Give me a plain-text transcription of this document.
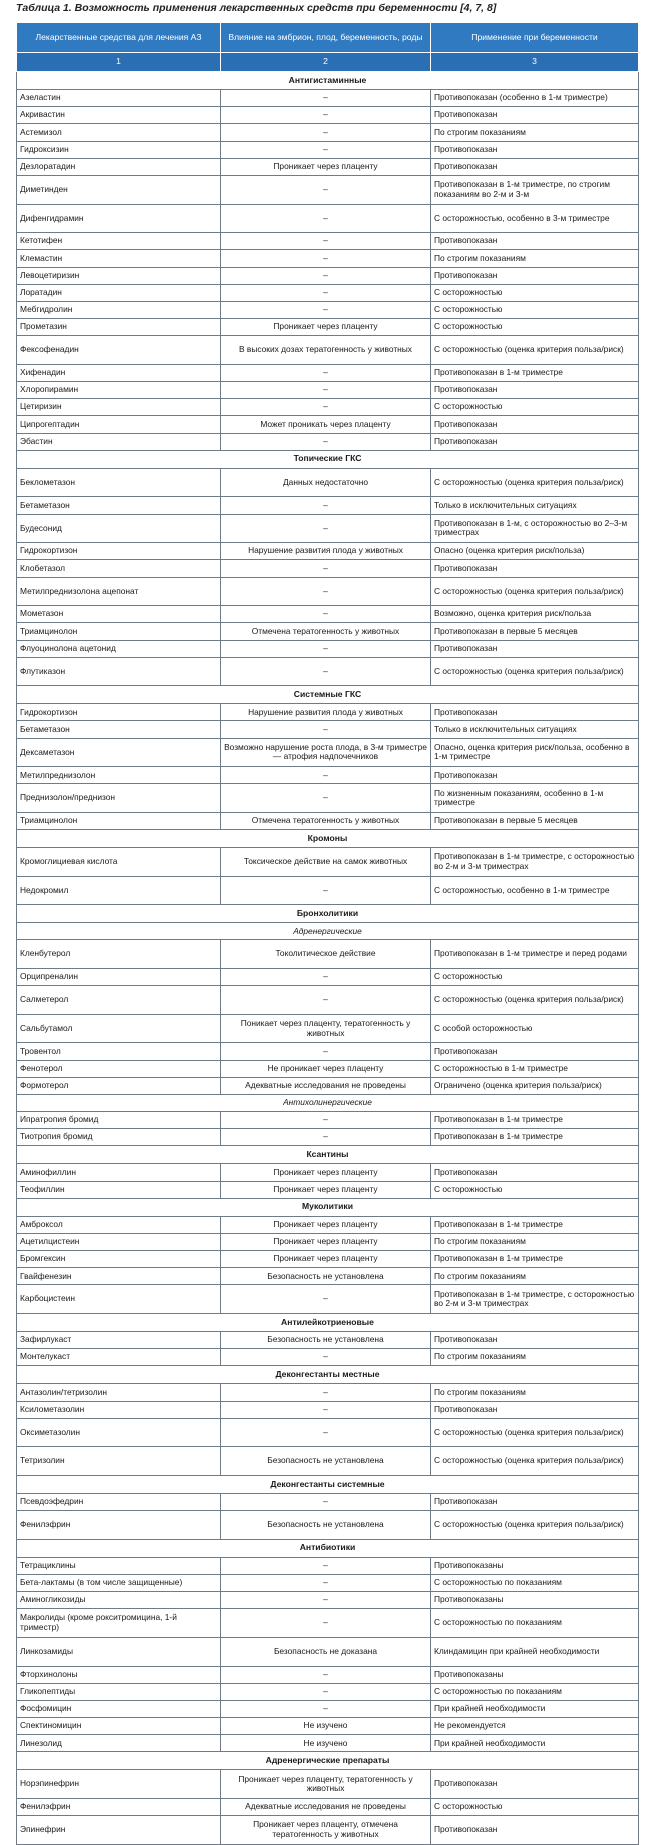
Таблица 1. Возможность применения лекарственных средств при беременности [4, 7, 8]
Лекарственные средства для лечения АЗ	Влияние на эмбрион, плод, беременность, роды	Применение при беременности
1	2	3
Антигистаминные		
Азеластин	–	Противопоказан (особенно в 1-м триместре)
Акривастин	–	Противопоказан
Астемизол	–	По строгим показаниям
Гидроксизин	–	Противопоказан
Дезлоратадин	Проникает через плаценту	Противопоказан
Диметинден	–	Противопоказан в 1-м триместре, по строгим показаниям во 2-м и 3-м
Дифенгидрамин	–	С осторожностью, особенно в 3-м триместре
Кетотифен	–	Противопоказан
Клемастин	–	По строгим показаниям
Левоцетиризин	–	Противопоказан
Лоратадин	–	С осторожностью
Мебгидролин	–	С осторожностью
Прометазин	Проникает через плаценту	С осторожностью
Фексофенадин	В высоких дозах тератогенность у животных	С осторожностью (оценка критерия польза/риск)
Хифенадин	–	Противопоказан в 1-м триместре
Хлоропирамин	–	Противопоказан
Цетиризин	–	С осторожностью
Ципрогептадин	Может проникать через плаценту	Противопоказан
Эбастин	–	Противопоказан
Топические ГКС		
Беклометазон	Данных недостаточно	С осторожностью (оценка критерия польза/риск)
Бетаметазон	–	Только в исключительных ситуациях
Будесонид	–	Противопоказан в 1-м, с осторожностью во 2–3-м триместрах
Гидрокортизон	Нарушение развития плода у животных	Опасно (оценка критерия риск/польза)
Клобетазол	–	Противопоказан
Метилпреднизолона ацепонат	–	С осторожностью (оценка критерия польза/риск)
Мометазон	–	Возможно, оценка критерия риск/польза
Триамцинолон	Отмечена тератогенность у животных	Противопоказан в первые 5 месяцев
Флуоцинолона ацетонид	–	Противопоказан
Флутиказон	–	С осторожностью (оценка критерия польза/риск)
Системные ГКС		
Гидрокортизон	Нарушение развития плода у животных	Противопоказан
Бетаметазон	–	Только в исключительных ситуациях
Дексаметазон	Возможно нарушение роста плода, в 3-м триместре — атрофия надпочечников	Опасно, оценка критерия риск/польза, особенно в 1-м триместре
Метилпреднизолон	–	Противопоказан
Преднизолон/преднизон	–	По жизненным показаниям, особенно в 1-м триместре
Триамцинолон	Отмечена тератогенность у животных	Противопоказан в первые 5 месяцев
Кромоны		
Кромоглициевая кислота	Токсическое действие на самок животных	Противопоказан в 1-м триместре, с осторожностью во 2-м и 3-м триместрах
Недокромил	–	С осторожностью, особенно в 1-м триместре
Бронхолитики		
Адренергические		
Кленбутерол	Токолитическое действие	Противопоказан в 1-м триместре и перед родами
Орципреналин	–	С осторожностью
Салметерол	–	С осторожностью (оценка критерия польза/риск)
Сальбутамол	Поникает через плаценту, тератогенность у животных	С особой осторожностью
Тровентол	–	Противопоказан
Фенотерол	Не проникает через плаценту	С осторожностью в 1-м триместре
Формотерол	Адекватные исследования не проведены	Ограничено (оценка критерия польза/риск)
Антихолинергические		
Ипратропия бромид	–	Противопоказан в 1-м триместре
Тиотропия бромид	–	Противопоказан в 1-м триместре
Ксантины		
Аминофиллин	Проникает через плаценту	Противопоказан
Теофиллин	Проникает через плаценту	С осторожностью
Муколитики		
Амброксол	Проникает через плаценту	Противопоказан в 1-м триместре
Ацетилцистеин	Проникает через плаценту	По строгим показаниям
Бромгексин	Проникает через плаценту	Противопоказан в 1-м триместре
Гвайфенезин	Безопасность не установлена	По строгим показаниям
Карбоцистеин	–	Противопоказан в 1-м триместре, с осторожностью во 2-м и 3-м триместрах
Антилейкотриеновые		
Зафирлукаст	Безопасность не установлена	Противопоказан
Монтелукаст	–	По строгим показаниям
Деконгестанты местные		
Антазолин/тетризолин	–	По строгим показаниям
Ксилометазолин	–	Противопоказан
Оксиметазолин	–	С осторожностью (оценка критерия польза/риск)
Тетризолин	Безопасность не установлена	С осторожностью (оценка критерия польза/риск)
Деконгестанты системные		
Псевдоэфедрин	–	Противопоказан
Фенилэфрин	Безопасность не установлена	С осторожностью (оценка критерия польза/риск)
Антибиотики		
Тетрациклины	–	Противопоказаны
Бета-лактамы (в том числе защищенные)	–	С осторожностью по показаниям
Аминогликозиды	–	Противопоказаны
Макролиды (кроме рокситромицина, 1-й триместр)	–	С осторожностью по показаниям
Линкозамиды	Безопасность не доказана	Клиндамицин при крайней необходимости
Фторхинолоны	–	Противопоказаны
Гликопептиды	–	С осторожностью по показаниям
Фосфомицин	–	При крайней необходимости
Спектиномицин	Не изучено	Не рекомендуется
Линезолид	Не изучено	При крайней необходимости
Адренергические препараты		
Норэпинефрин	Проникает через плаценту, тератогенность у животных	Противопоказан
Фенилэфрин	Адекватные исследования не проведены	С осторожностью
Эпинефрин	Проникает через плаценту, отмечена тератогенность у животных	Противопоказан
